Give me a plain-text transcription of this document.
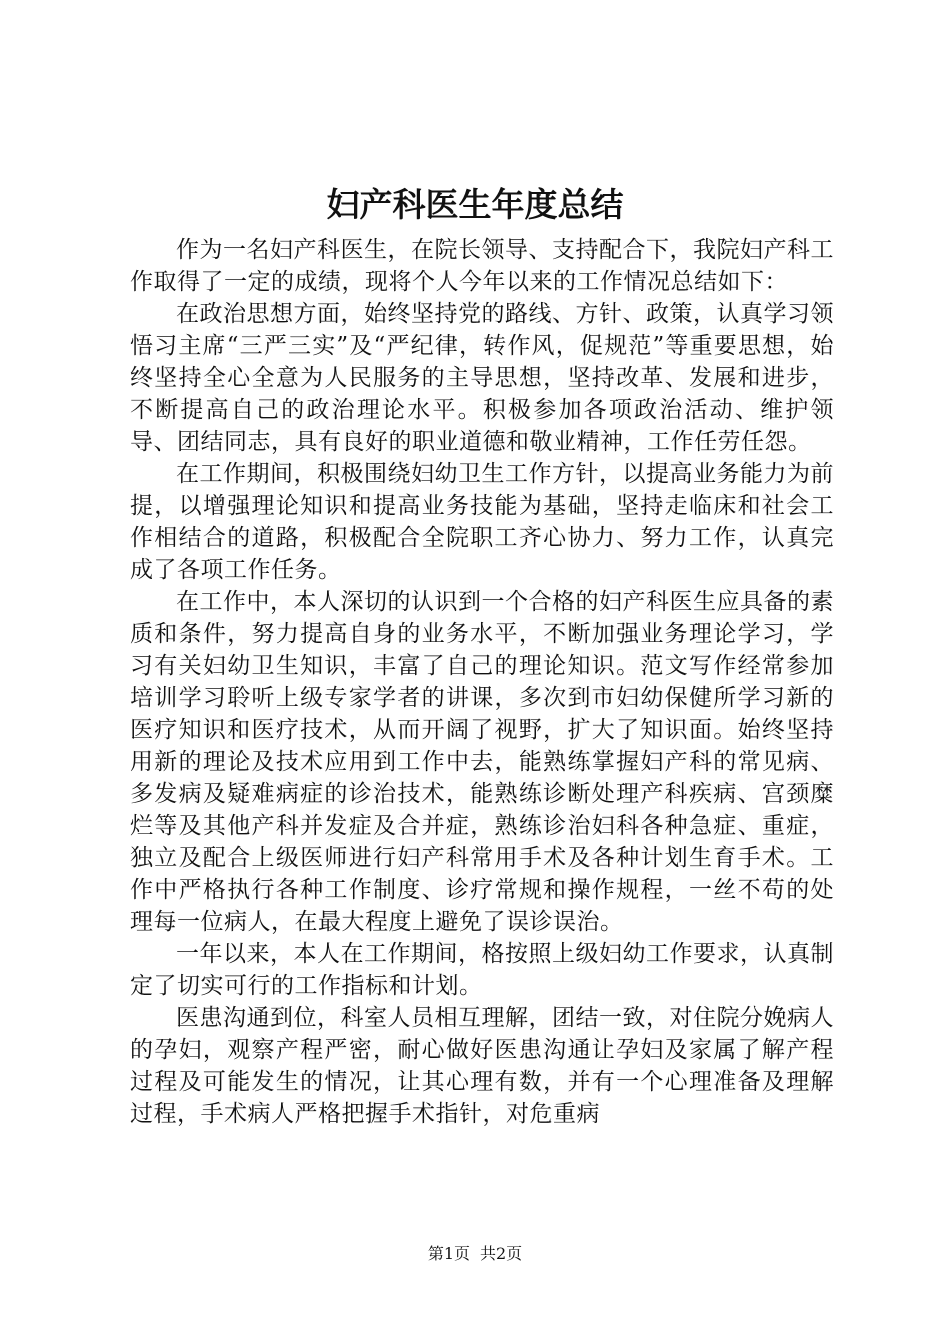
妇产科医生年度总结

作为一名妇产科医生，在院长领导、支持配合下，我院妇产科工作取得了一定的成绩，现将个人今年以来的工作情况总结如下：

在政治思想方面，始终坚持党的路线、方针、政策，认真学习领悟习主席“三严三实”及“严纪律，转作风，促规范”等重要思想，始终坚持全心全意为人民服务的主导思想，坚持改革、发展和进步，不断提高自己的政治理论水平。积极参加各项政治活动、维护领导、团结同志，具有良好的职业道德和敬业精神，工作任劳任怨。

在工作期间，积极围绕妇幼卫生工作方针，以提高业务能力为前提，以增强理论知识和提高业务技能为基础，坚持走临床和社会工作相结合的道路，积极配合全院职工齐心协力、努力工作，认真完成了各项工作任务。

在工作中，本人深切的认识到一个合格的妇产科医生应具备的素质和条件，努力提高自身的业务水平，不断加强业务理论学习，学习有关妇幼卫生知识，丰富了自己的理论知识。范文写作经常参加培训学习聆听上级专家学者的讲课，多次到市妇幼保健所学习新的医疗知识和医疗技术，从而开阔了视野，扩大了知识面。始终坚持用新的理论及技术应用到工作中去，能熟练掌握妇产科的常见病、多发病及疑难病症的诊治技术，能熟练诊断处理产科疾病、宫颈糜烂等及其他产科并发症及合并症，熟练诊治妇科各种急症、重症，独立及配合上级医师进行妇产科常用手术及各种计划生育手术。工作中严格执行各种工作制度、诊疗常规和操作规程，一丝不苟的处理每一位病人，在最大程度上避免了误诊误治。

一年以来，本人在工作期间，格按照上级妇幼工作要求，认真制定了切实可行的工作指标和计划。

医患沟通到位，科室人员相互理解，团结一致，对住院分娩病人的孕妇，观察产程严密，耐心做好医患沟通让孕妇及家属了解产程过程及可能发生的情况，让其心理有数，并有一个心理准备及理解过程，手术病人严格把握手术指针，对危重病

第1页 共2页
